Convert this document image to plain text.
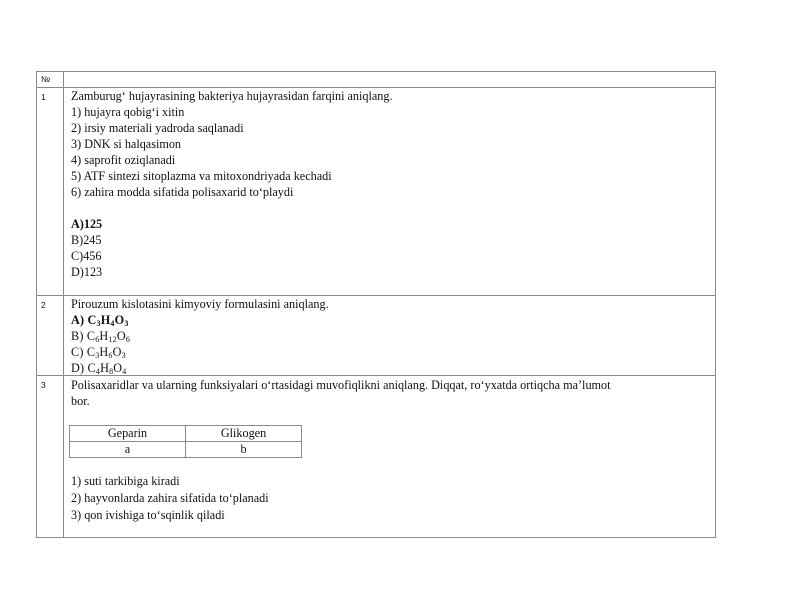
№
1 Zamburug‘ hujayrasining bakteriya hujayrasidan farqini aniqlang.
1) hujayra qobig‘i xitin
2) irsiy materiali yadroda saqlanadi
3) DNK si halqasimon
4) saprofit oziqlanadi
5) ATF sintezi sitoplazma va mitoxondriyada kechadi
6) zahira modda sifatida polisaxarid to‘playdi
A)125
B)245
C)456
D)123
2 Pirouzum kislotasini kimyoviy formulasini aniqlang.
A) $C_3H_4O_3$
B) $C_6H_{12}O_6$
C) $C_3H_6O_3$
D) $C_4H_8O_4$
3 Polisaxaridlar va ularning funksiyalari o‘rtasidagi muvofiqlikni aniqlang. Diqqat, ro‘yxatda ortiqcha ma’lumot
bor.
Geparin	Glikogen
a	b
1) suti tarkibiga kiradi
2) hayvonlarda zahira sifatida to‘planadi
3) qon ivishiga to‘sqinlik qiladi
